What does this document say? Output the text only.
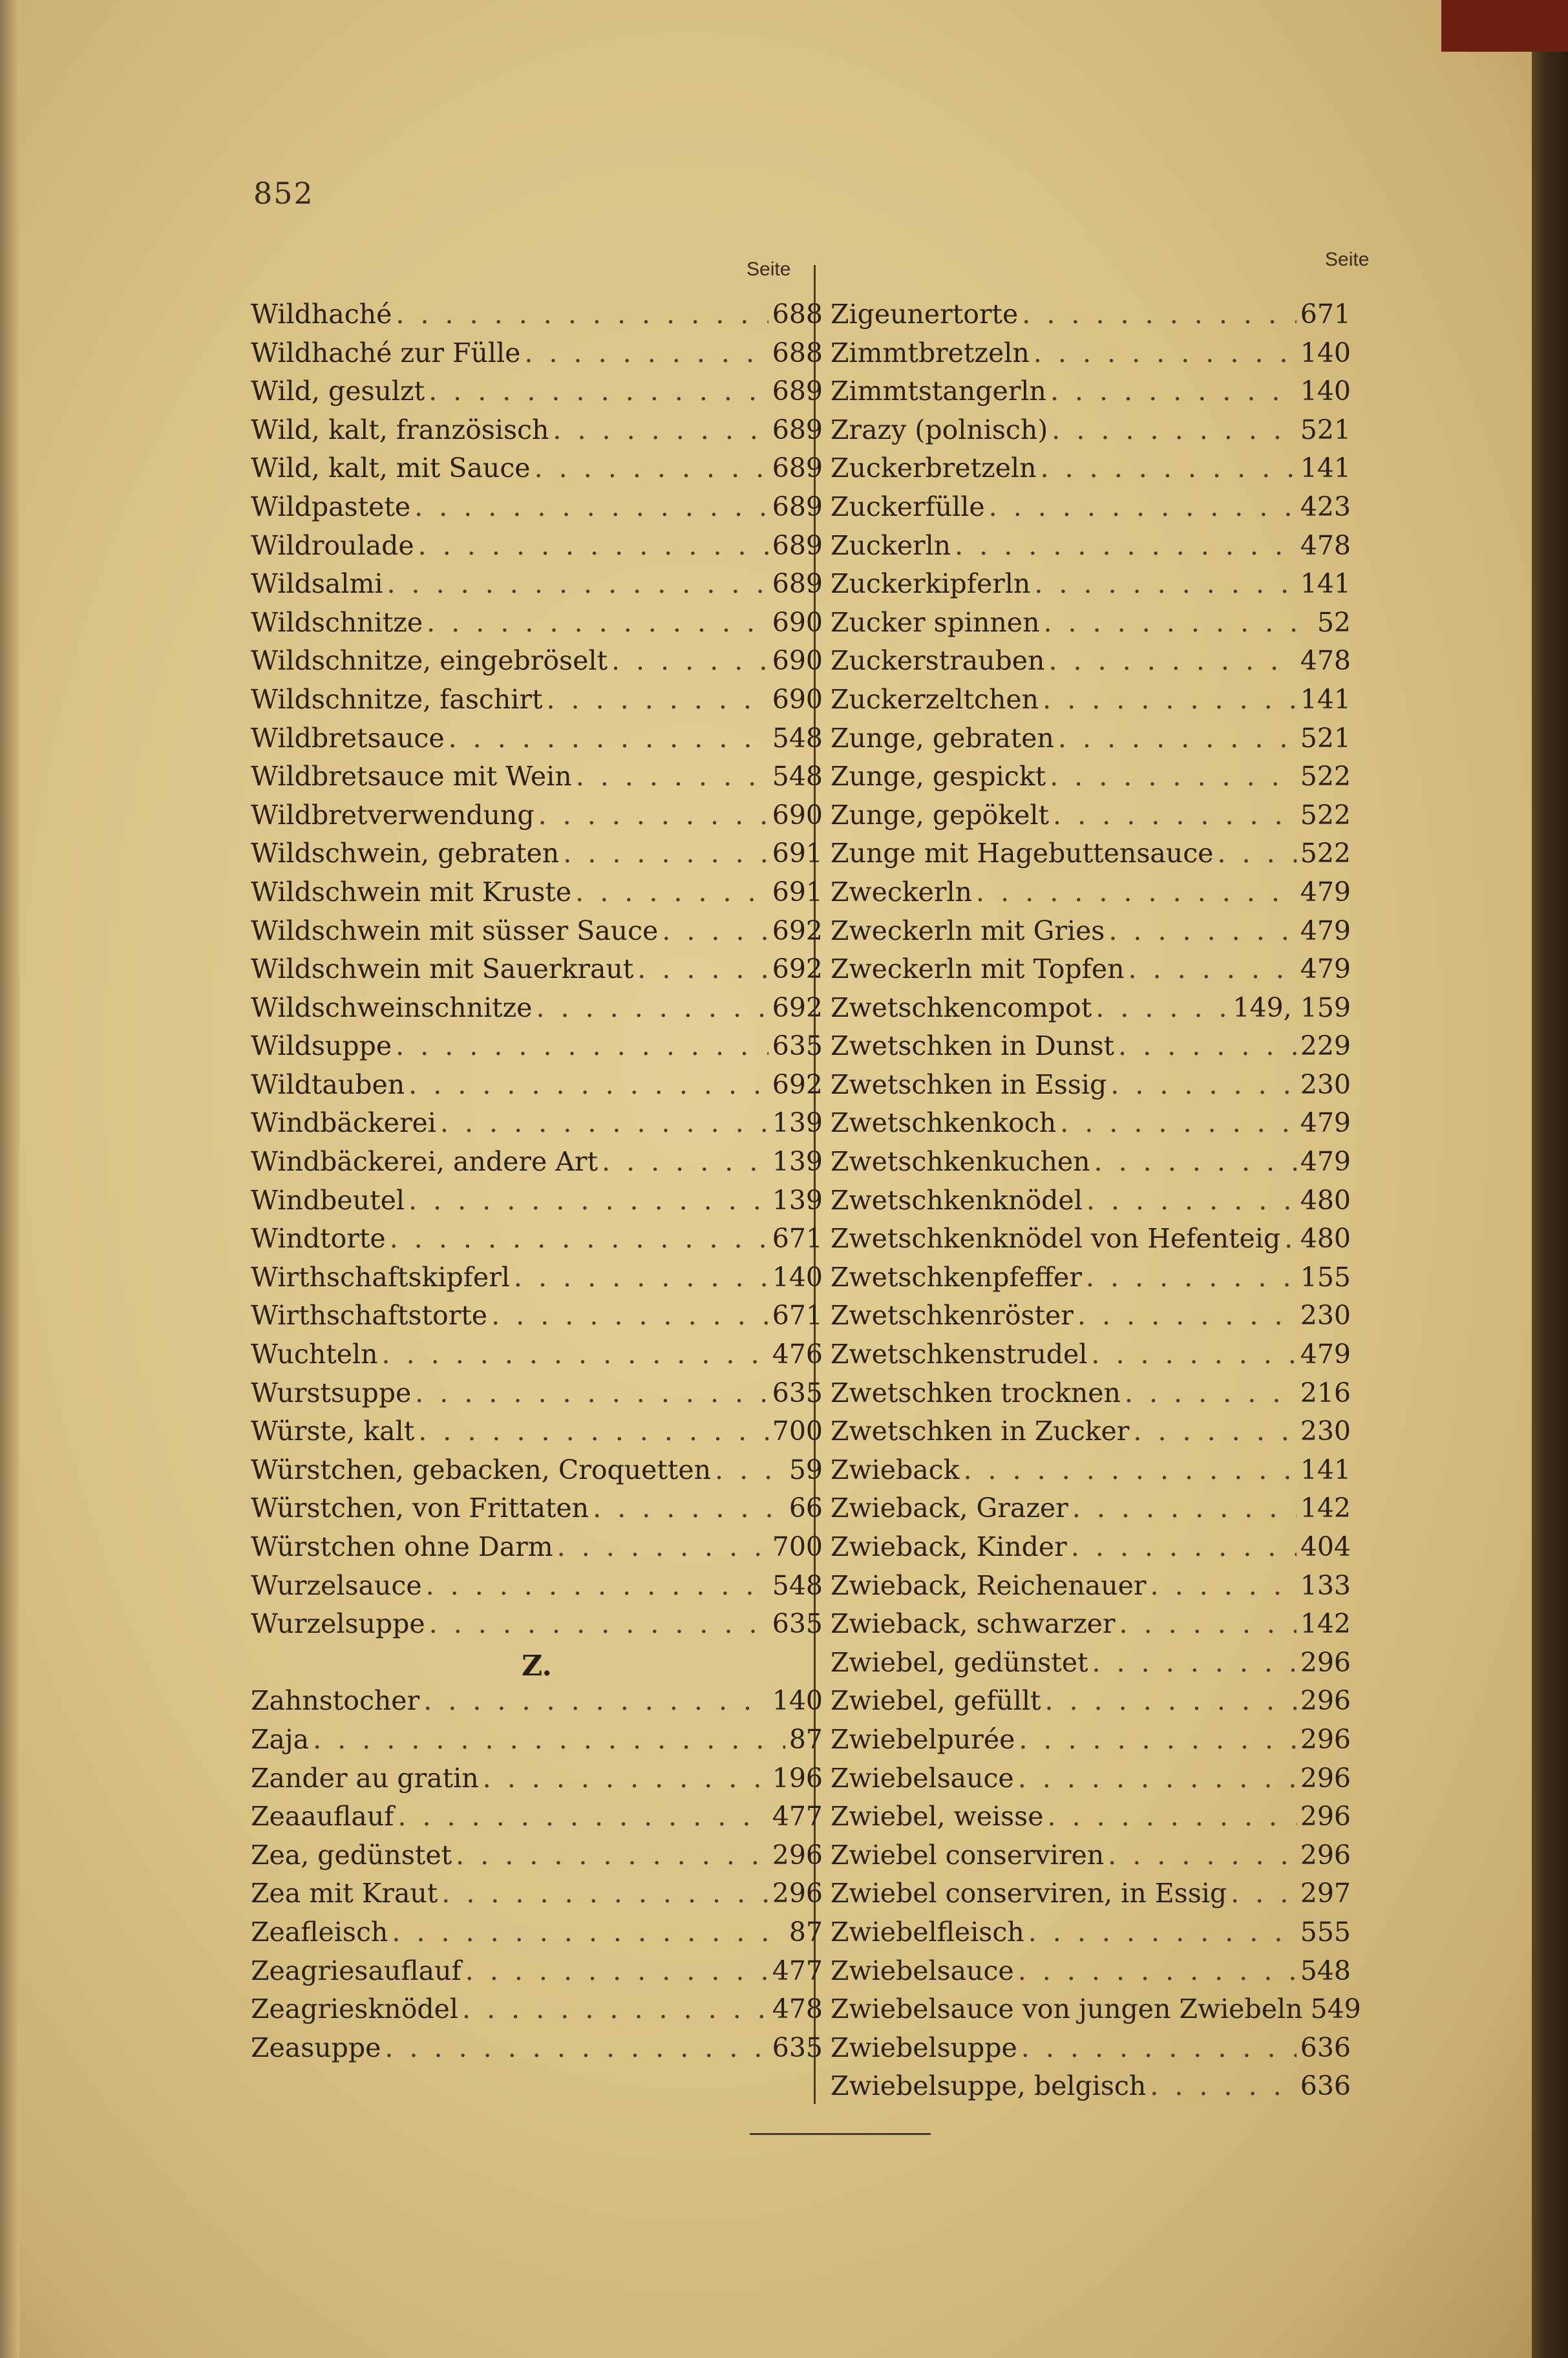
852
Seite	Seite
Wildhaché . . .	688
Wildhaché zur Fülle . . .	688
Wild, gesulzt . . .	689
Wild, kalt, französisch . . .	689
Wild, kalt, mit Sauce . . .	689
Wildpastete . . .	689
Wildroulade . . .	689
Wildsalmi . . .	689
Wildschnitze . . .	690
Wildschnitze, eingebröselt . . .	690
Wildschnitze, faschirt . . .	690
Wildbretsauce . . .	548
Wildbretsauce mit Wein . . .	548
Wildbretverwendung . . .	690
Wildschwein, gebraten . . .	691
Wildschwein mit Kruste . . .	691
Wildschwein mit süsser Sauce . . .	692
Wildschwein mit Sauerkraut . . .	692
Wildschweinschnitze . . .	692
Wildsuppe . . .	635
Wildtauben . . .	692
Windbäckerei . . .	139
Windbäckerei, andere Art . . .	139
Windbeutel . . .	139
Windtorte . . .	671
Wirthschaftskipferl . . .	140
Wirthschaftstorte . . .	671
Wuchteln . . .	476
Wurstsuppe . . .	635
Würste, kalt . . .	700
Würstchen, gebacken, Croquetten . . .	59
Würstchen, von Frittaten . . .	66
Würstchen ohne Darm . . .	700
Wurzelsauce . . .	548
Wurzelsuppe . . .	635
Z.
Zahnstocher . . .	140
Zaja . . .	87
Zander au gratin . . .	196
Zeaauflauf . . .	477
Zea, gedünstet . . .	296
Zea mit Kraut . . .	296
Zeafleisch . . .	87
Zeagriesauflauf . . .	477
Zeagriesknödel . . .	478
Zeasuppe . . .	635
Zigeunertorte . . .	671
Zimmtbretzeln . . .	140
Zimmtstangerln . . .	140
Zrazy (polnisch) . . .	521
Zuckerbretzeln . . .	141
Zuckerfülle . . .	423
Zuckerln . . .	478
Zuckerkipferln . . .	141
Zucker spinnen . . .	52
Zuckerstrauben . . .	478
Zuckerzeltchen . . .	141
Zunge, gebraten . . .	521
Zunge, gespickt . . .	522
Zunge, gepökelt . . .	522
Zunge mit Hagebuttensauce . . .	522
Zweckerln . . .	479
Zweckerln mit Gries . . .	479
Zweckerln mit Topfen . . .	479
Zwetschkencompot . . .	149, 159
Zwetschken in Dunst . . .	229
Zwetschken in Essig . . .	230
Zwetschkenkoch . . .	479
Zwetschkenkuchen . . .	479
Zwetschkenknödel . . .	480
Zwetschkenknödel von Hefenteig . . . 480
Zwetschkenpfeffer . . .	155
Zwetschkenröster . . .	230
Zwetschkenstrudel . . .	479
Zwetschken trocknen . . .	216
Zwetschken in Zucker . . .	230
Zwieback . . .	141
Zwieback, Grazer . . .	142
Zwieback, Kinder . . .	404
Zwieback, Reichenauer . . .	133
Zwieback, schwarzer . . .	142
Zwiebel, gedünstet . . .	296
Zwiebel, gefüllt . . .	296
Zwiebelpurée . . .	296
Zwiebelsauce . . .	296
Zwiebel, weisse . . .	296
Zwiebel conserviren . . .	296
Zwiebel conserviren, in Essig . . .	297
Zwiebelfleisch . . .	555
Zwiebelsauce . . .	548
Zwiebelsauce von jungen Zwiebeln 549
Zwiebelsuppe . . .	636
Zwiebelsuppe, belgisch . . .	636
